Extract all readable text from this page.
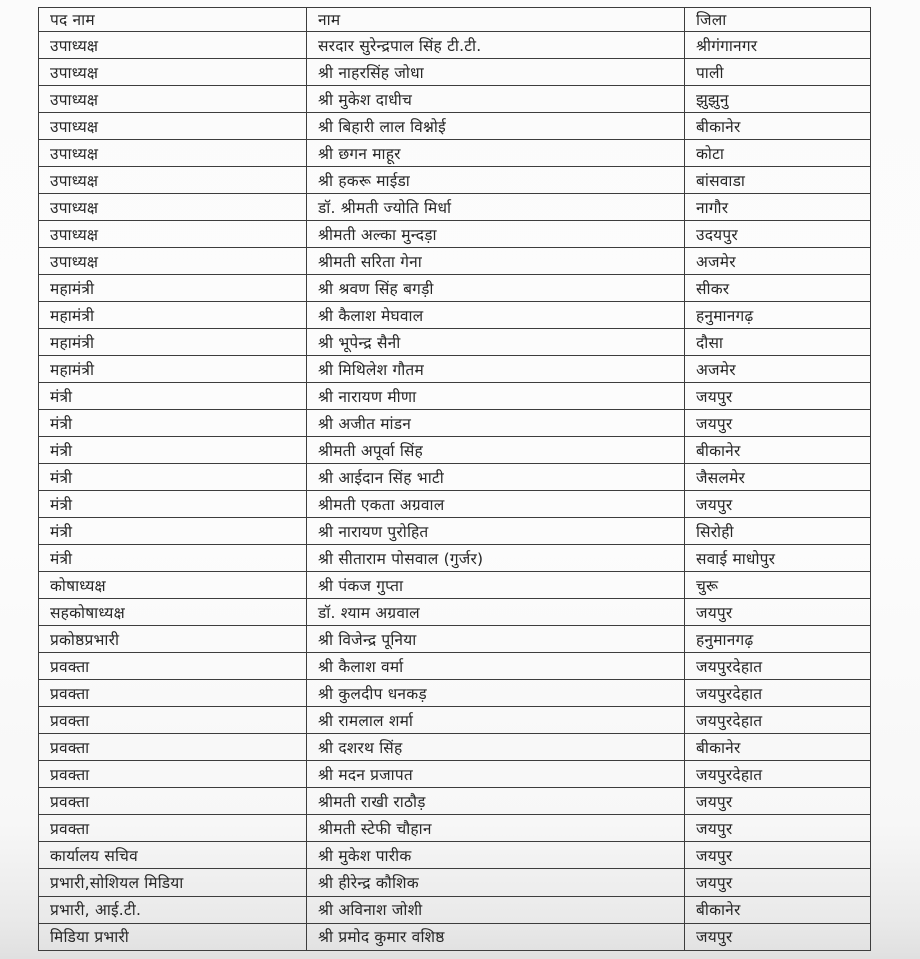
पद नाम	नाम	जिला
उपाध्यक्ष	सरदार सुरेन्द्रपाल सिंह टी.टी.	श्रीगंगानगर
उपाध्यक्ष	श्री नाहरसिंह जोधा	पाली
उपाध्यक्ष	श्री मुकेश दाधीच	झुझुनु
उपाध्यक्ष	श्री बिहारी लाल विश्नोई	बीकानेर
उपाध्यक्ष	श्री छगन माहूर	कोटा
उपाध्यक्ष	श्री हकरू माईडा	बांसवाडा
उपाध्यक्ष	डॉ. श्रीमती ज्योति मिर्धा	नागौर
उपाध्यक्ष	श्रीमती अल्का मुन्दड़ा	उदयपुर
उपाध्यक्ष	श्रीमती सरिता गेना	अजमेर
महामंत्री	श्री श्रवण सिंह बगड़ी	सीकर
महामंत्री	श्री कैलाश मेघवाल	हनुमानगढ़
महामंत्री	श्री भूपेन्द्र सैनी	दौसा
महामंत्री	श्री मिथिलेश गौतम	अजमेर
मंत्री	श्री नारायण मीणा	जयपुर
मंत्री	श्री अजीत मांडन	जयपुर
मंत्री	श्रीमती अपूर्वा सिंह	बीकानेर
मंत्री	श्री आईदान सिंह भाटी	जैसलमेर
मंत्री	श्रीमती एकता अग्रवाल	जयपुर
मंत्री	श्री नारायण पुरोहित	सिरोही
मंत्री	श्री सीताराम पोसवाल (गुर्जर)	सवाई माधोपुर
कोषाध्यक्ष	श्री पंकज गुप्ता	चुरू
सहकोषाध्यक्ष	डॉ. श्याम अग्रवाल	जयपुर
प्रकोष्ठप्रभारी	श्री विजेन्द्र पूनिया	हनुमानगढ़
प्रवक्ता	श्री कैलाश वर्मा	जयपुरदेहात
प्रवक्ता	श्री कुलदीप धनकड़	जयपुरदेहात
प्रवक्ता	श्री रामलाल शर्मा	जयपुरदेहात
प्रवक्ता	श्री दशरथ सिंह	बीकानेर
प्रवक्ता	श्री मदन प्रजापत	जयपुरदेहात
प्रवक्ता	श्रीमती राखी राठौड़	जयपुर
प्रवक्ता	श्रीमती स्टेफी चौहान	जयपुर
कार्यालय सचिव	श्री मुकेश पारीक	जयपुर
प्रभारी,सोशियल मिडिया	श्री हीरेन्द्र कौशिक	जयपुर
प्रभारी, आई.टी.	श्री अविनाश जोशी	बीकानेर
मिडिया प्रभारी	श्री प्रमोद कुमार वशिष्ठ	जयपुर
